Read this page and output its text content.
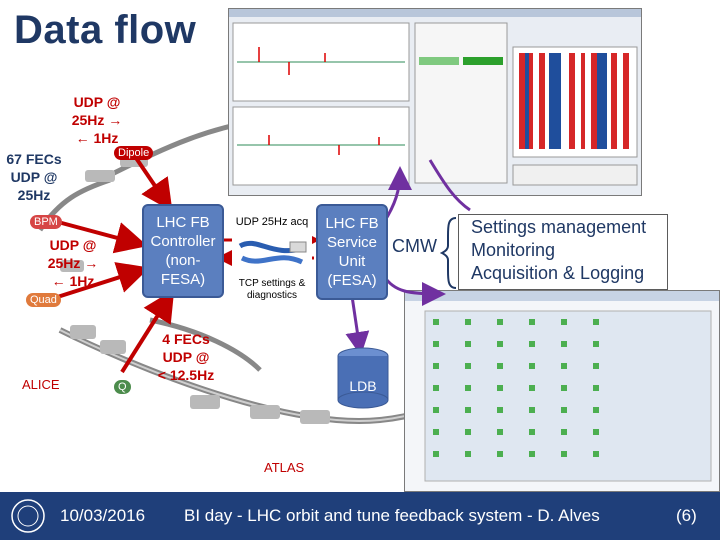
Data flow
Settings management
Monitoring
Acquisition & Logging
UDP @
25Hz →
← 1Hz
67 FECs
UDP @
25Hz
UDP @
25Hz →
← 1Hz
4 FECs
UDP @
< 12.5Hz
Dipole
BPM
Quad
Q
ALICE
ATLAS
LHC FB
Controller
(non-FESA)
UDP 25Hz acq
TCP settings &
diagnostics
LHC FB
Service
Unit
(FESA)
CMW
LDB
10/03/2016 BI day - LHC orbit and tune feedback system - D. Alves	(6)
